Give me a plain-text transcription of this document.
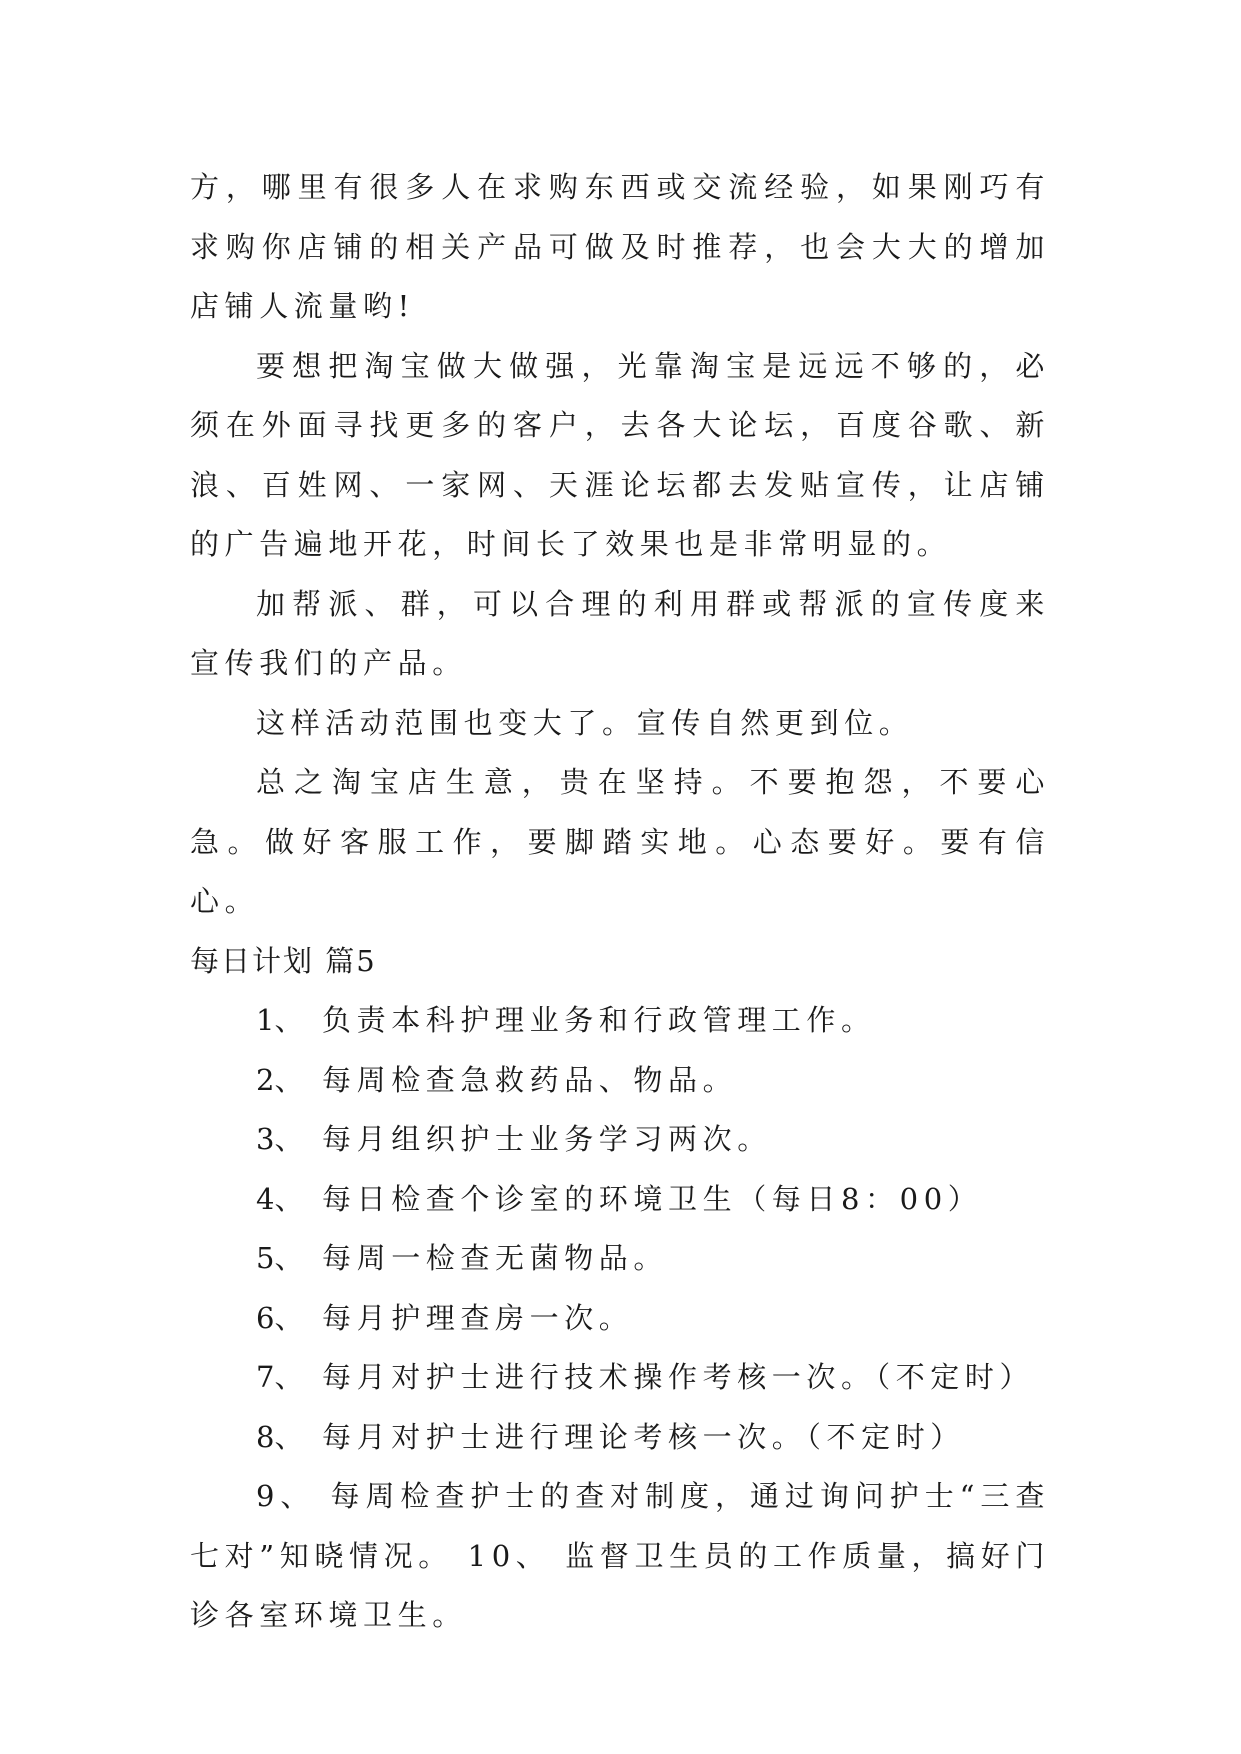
方，哪里有很多人在求购东西或交流经验，如果刚巧有求购你店铺的相关产品可做及时推荐，也会大大的增加店铺人流量哟!

要想把淘宝做大做强，光靠淘宝是远远不够的，必须在外面寻找更多的客户，去各大论坛，百度谷歌、新浪、百姓网、一家网、天涯论坛都去发贴宣传，让店铺的广告遍地开花，时间长了效果也是非常明显的。

加帮派、群，可以合理的利用群或帮派的宣传度来宣传我们的产品。

这样活动范围也变大了。宣传自然更到位。

总之淘宝店生意，贵在坚持。不要抱怨，不要心急。做好客服工作，要脚踏实地。心态要好。要有信心。

每日计划 篇5

1、 负责本科护理业务和行政管理工作。

2、 每周检查急救药品、物品。

3、 每月组织护士业务学习两次。

4、 每日检查个诊室的环境卫生（每日8：00）

5、 每周一检查无菌物品。

6、 每月护理查房一次。

7、 每月对护士进行技术操作考核一次。（不定时）

8、 每月对护士进行理论考核一次。（不定时）

9、 每周检查护士的查对制度，通过询问护士“三查七对”知晓情况。 10、 监督卫生员的工作质量，搞好门诊各室环境卫生。
